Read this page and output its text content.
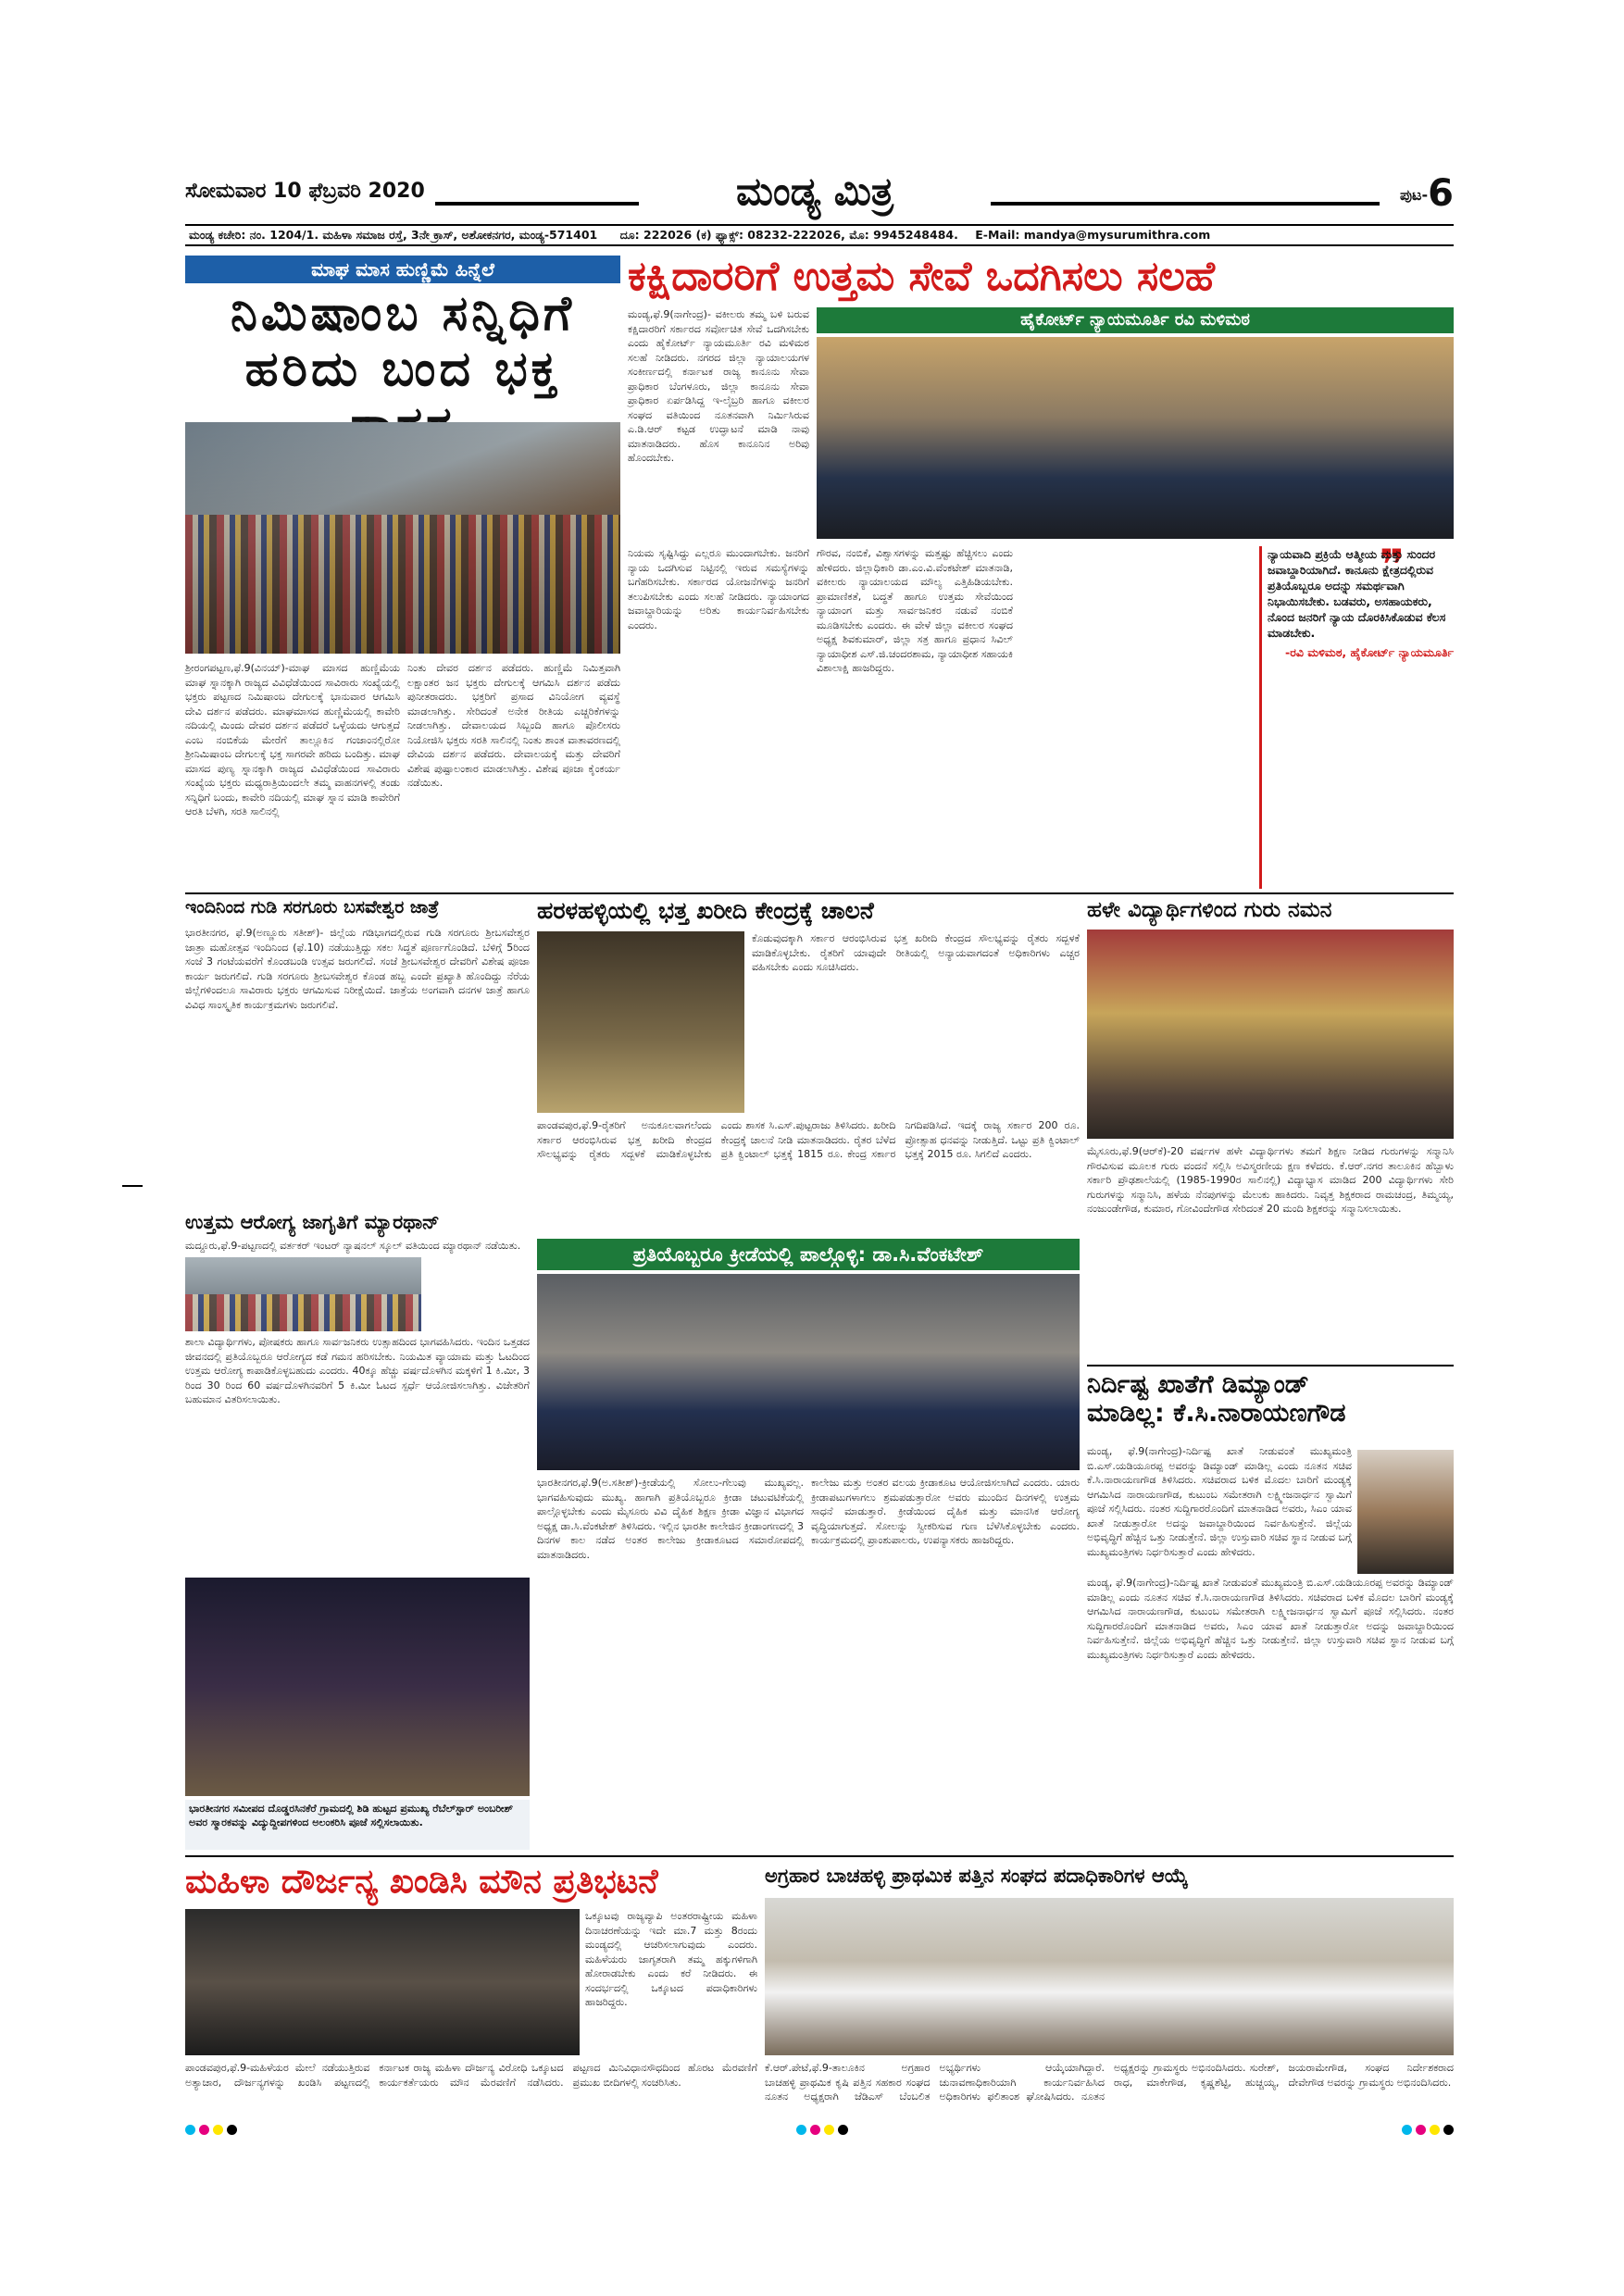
ಸೋಮವಾರ 10 ಫೆಬ್ರವರಿ 2020	ಮಂಡ್ಯ ಮಿತ್ರ	ಪುಟ-6
ಮಂಡ್ಯ ಕಚೇರಿ: ನಂ. 1204/1. ಮಹಿಳಾ ಸಮಾಜ ರಸ್ತೆ, 3ನೇ ಕ್ರಾಸ್, ಅಶೋಕನಗರ, ಮಂಡ್ಯ-571401 ದೂ: 222026 (ಕ) ಫ್ಯಾಕ್ಸ್: 08232-222026, ಮೊ: 9945248484. E-Mail: mandya@mysurumithra.com
ಮಾಘ ಮಾಸ ಹುಣ್ಣಿಮೆ ಹಿನ್ನೆಲೆ
ನಿಮಿಷಾಂಬ ಸನ್ನಿಧಿಗೆ
ಹರಿದು ಬಂದ ಭಕ್ತ
ಶ್ರೀರಂಗಪಟ್ಟಣ,ಫೆ.9(ವಿನಯ್)-ಮಾಘ ಮಾಸದ ಹುಣ್ಣಿಮೆಯ ಮಾಘ ಸ್ನಾನಕ್ಕಾಗಿ ರಾಜ್ಯದ ವಿವಿಧೆಡೆಯಿಂದ ಸಾವಿರಾರು ಸಂಖ್ಯೆಯಲ್ಲಿ ಭಕ್ತರು ಪಟ್ಟಣದ ನಿಮಿಷಾಂಬ ದೇಗುಲಕ್ಕೆ ಭಾನುವಾರ ಆಗಮಿಸಿ ದೇವಿ ದರ್ಶನ ಪಡೆದರು. ಮಾಘಮಾಸದ ಹುಣ್ಣಿಮೆಯಲ್ಲಿ ಕಾವೇರಿ ನದಿಯಲ್ಲಿ ಮಿಂದು ದೇವರ ದರ್ಶನ ಪಡೆದರೆ ಒಳ್ಳೆಯದು ಆಗುತ್ತದೆ ಎಂಬ ನಂಬಿಕೆಯ ಮೇರೆಗೆ ತಾಲ್ಲೂಕಿನ ಗಂಜಾಂನಲ್ಲಿರೋ ಶ್ರೀನಿಮಿಷಾಂಬ ದೇಗುಲಕ್ಕೆ ಭಕ್ತ ಸಾಗರವೇ ಹರಿದು ಬಂದಿತ್ತು. ಮಾಘ ಮಾಸದ ಪುಣ್ಯ ಸ್ನಾನಕ್ಕಾಗಿ ರಾಜ್ಯದ ವಿವಿಧೆಡೆಯಿಂದ ಸಾವಿರಾರು ಸಂಖ್ಯೆಯ ಭಕ್ತರು ಮಧ್ಯರಾತ್ರಿಯಿಂದಲೇ ತಮ್ಮ ವಾಹನಗಳಲ್ಲಿ ತಂಡು ಸನ್ನಿಧಿಗೆ ಬಂದು, ಕಾವೇರಿ ನದಿಯಲ್ಲಿ ಮಾಘ ಸ್ನಾನ ಮಾಡಿ ಕಾವೇರಿಗೆ ಆರತಿ ಬೆಳಗಿ, ಸರತಿ ಸಾಲಿನಲ್ಲಿ
ನಿಂತು ದೇವರ ದರ್ಶನ ಪಡೆದರು. ಹುಣ್ಣಿಮೆ ನಿಮಿತ್ತವಾಗಿ ಲಕ್ಷಾಂತರ ಜನ ಭಕ್ತರು ದೇಗುಲಕ್ಕೆ ಆಗಮಿಸಿ ದರ್ಶನ ಪಡೆದು ಪುನೀತರಾದರು. ಭಕ್ತರಿಗೆ ಪ್ರಸಾದ ವಿನಿಯೋಗ ವ್ಯವಸ್ಥೆ ಮಾಡಲಾಗಿತ್ತು. ಸೇರಿದಂತೆ ಅನೇಕ ರೀತಿಯ ಎಚ್ಚರಿಕೆಗಳನ್ನು ನೀಡಲಾಗಿತ್ತು. ದೇವಾಲಯದ ಸಿಬ್ಬಂದಿ ಹಾಗೂ ಪೊಲೀಸರು ನಿಯೋಜಿಸಿ ಭಕ್ತರು ಸರತಿ ಸಾಲಿನಲ್ಲಿ ನಿಂತು ಶಾಂತ ವಾತಾವರಣದಲ್ಲಿ ದೇವಿಯ ದರ್ಶನ ಪಡೆದರು. ದೇವಾಲಯಕ್ಕೆ ಮತ್ತು ದೇವರಿಗೆ ವಿಶೇಷ ಪುಷ್ಪಾಲಂಕಾರ ಮಾಡಲಾಗಿತ್ತು. ವಿಶೇಷ ಪೂಜಾ ಕೈಂಕರ್ಯ ನಡೆಯಿತು.
ಕಕ್ಷಿದಾರರಿಗೆ ಉತ್ತಮ ಸೇವೆ ಒದಗಿಸಲು ಸಲಹೆ
ಮಂಡ್ಯ,ಫೆ.9(ನಾಗೇಂದ್ರ)- ವಕೀಲರು ತಮ್ಮ ಬಳಿ ಬರುವ ಕಕ್ಷಿದಾರರಿಗೆ ಸರ್ಕಾರದ ಸರ್ವೋಚಿತ ಸೇವೆ ಒದಗಿಸಬೇಕು ಎಂದು ಹೈಕೋರ್ಟ್ ನ್ಯಾಯಮೂರ್ತಿ ರವಿ ಮಳಿಮಠ ಸಲಹೆ ನೀಡಿದರು. ನಗರದ ಜಿಲ್ಲಾ ನ್ಯಾಯಾಲಯಗಳ ಸಂಕೀರ್ಣದಲ್ಲಿ ಕರ್ನಾಟಕ ರಾಜ್ಯ ಕಾನೂನು ಸೇವಾ ಪ್ರಾಧಿಕಾರ ಬೆಂಗಳೂರು, ಜಿಲ್ಲಾ ಕಾನೂನು ಸೇವಾ ಪ್ರಾಧಿಕಾರ ಏರ್ಪಡಿಸಿದ್ದ ಇ-ಲೈಬ್ರರಿ ಹಾಗೂ ವಕೀಲರ ಸಂಘದ ವತಿಯಿಂದ ನೂತನವಾಗಿ ನಿರ್ಮಿಸಿರುವ ಎ.ಡಿ.ಆರ್ ಕಟ್ಟಡ ಉದ್ಘಾಟನೆ ಮಾಡಿ ನಾವು ಮಾತನಾಡಿದರು. ಹೊಸ ಕಾನೂನಿನ ಅರಿವು ಹೊಂದಬೇಕು.
ಹೈಕೋರ್ಟ್ ನ್ಯಾಯಮೂರ್ತಿ ರವಿ ಮಳಿಮಠ
ನಿಯಮ ಸೃಷ್ಟಿಸಿದ್ದು ಎಲ್ಲರೂ ಮುಂದಾಗಬೇಕು. ಜನರಿಗೆ ನ್ಯಾಯ ಒದಗಿಸುವ ನಿಟ್ಟಿನಲ್ಲಿ ಇರುವ ಸಮಸ್ಯೆಗಳನ್ನು ಬಗೆಹರಿಸಬೇಕು. ಸರ್ಕಾರದ ಯೋಜನೆಗಳನ್ನು ಜನರಿಗೆ ತಲುಪಿಸಬೇಕು ಎಂದು ಸಲಹೆ ನೀಡಿದರು. ನ್ಯಾಯಾಂಗದ ಜವಾಬ್ದಾರಿಯನ್ನು ಅರಿತು ಕಾರ್ಯನಿರ್ವಹಿಸಬೇಕು ಎಂದರು.
ಗೌರವ, ನಂಬಿಕೆ, ವಿಶ್ವಾಸಗಳನ್ನು ಮತ್ತಷ್ಟು ಹೆಚ್ಚಿಸಲು ಎಂದು ಹೇಳಿದರು. ಜಿಲ್ಲಾಧಿಕಾರಿ ಡಾ.ಎಂ.ವಿ.ವೆಂಕಟೇಶ್ ಮಾತನಾಡಿ, ವಕೀಲರು ನ್ಯಾಯಾಲಯದ ಮೌಲ್ಯ ಎತ್ತಿಹಿಡಿಯಬೇಕು. ಪ್ರಾಮಾಣಿಕತೆ, ಬದ್ಧತೆ ಹಾಗೂ ಉತ್ತಮ ಸೇವೆಯಿಂದ ನ್ಯಾಯಾಂಗ ಮತ್ತು ಸಾರ್ವಜನಿಕರ ನಡುವೆ ನಂಬಿಕೆ ಮೂಡಿಸಬೇಕು ಎಂದರು. ಈ ವೇಳೆ ಜಿಲ್ಲಾ ವಕೀಲರ ಸಂಘದ ಅಧ್ಯಕ್ಷ ಶಿವಕುಮಾರ್, ಜಿಲ್ಲಾ ಸತ್ರ ಹಾಗೂ ಪ್ರಧಾನ ಸಿವಿಲ್ ನ್ಯಾಯಾಧೀಶ ಎಸ್.ಜಿ.ಚಂದರಶಾಮ, ನ್ಯಾಯಾಧೀಶ ಸಹಾಯಕಿ ವಿಶಾಲಾಕ್ಷಿ ಹಾಜರಿದ್ದರು.
❞
ನ್ಯಾಯವಾದಿ ಪ್ರಕ್ರಿಯೆ ಆತ್ಮೀಯ ಮತ್ತು ಸುಂದರ ಜವಾಬ್ದಾರಿಯಾಗಿದೆ. ಕಾನೂನು ಕ್ಷೇತ್ರದಲ್ಲಿರುವ ಪ್ರತಿಯೊಬ್ಬರೂ ಅದನ್ನು ಸಮರ್ಥವಾಗಿ ನಿಭಾಯಿಸಬೇಕು. ಬಡವರು, ಅಸಹಾಯಕರು, ನೊಂದ ಜನರಿಗೆ ನ್ಯಾಯ ದೊರಕಿಸಿಕೊಡುವ ಕೆಲಸ ಮಾಡಬೇಕು.
-ರವಿ ಮಳಿಮಠ, ಹೈಕೋರ್ಟ್ ನ್ಯಾಯಮೂರ್ತಿ
ಇಂದಿನಿಂದ ಗುಡಿ ಸರಗೂರು ಬಸವೇಶ್ವರ ಜಾತ್ರೆ
ಭಾರತೀನಗರ, ಫೆ.9(ಅಣ್ಣೂರು ಸತೀಶ್)- ಜಿಲ್ಲೆಯ ಗಡಿಭಾಗದಲ್ಲಿರುವ ಗುಡಿ ಸರಗೂರು ಶ್ರೀಬಸವೇಶ್ವರ ಜಾತ್ರಾ ಮಹೋತ್ಸವ ಇಂದಿನಿಂದ (ಫೆ.10) ನಡೆಯುತ್ತಿದ್ದು ಸಕಲ ಸಿದ್ಧತೆ ಪೂರ್ಣಗೊಂಡಿದೆ. ಬೆಳಿಗ್ಗೆ 5ರಿಂದ ಸಂಜೆ 3 ಗಂಟೆಯವರೆಗೆ ಕೊಂಡಬಂಡಿ ಉತ್ಸವ ಜರುಗಲಿದೆ. ಸಂಜೆ ಶ್ರೀಬಸವೇಶ್ವರ ದೇವರಿಗೆ ವಿಶೇಷ ಪೂಜಾ ಕಾರ್ಯ ಜರುಗಲಿದೆ. ಗುಡಿ ಸರಗೂರು ಶ್ರೀಬಸವೇಶ್ವರ ಕೊಂಡ ಹಬ್ಬ ಎಂದೇ ಪ್ರಖ್ಯಾತಿ ಹೊಂದಿದ್ದು ನೆರೆಯ ಜಿಲ್ಲೆಗಳಿಂದಲೂ ಸಾವಿರಾರು ಭಕ್ತರು ಆಗಮಿಸುವ ನಿರೀಕ್ಷೆಯಿದೆ. ಜಾತ್ರೆಯ ಅಂಗವಾಗಿ ದನಗಳ ಜಾತ್ರೆ ಹಾಗೂ ವಿವಿಧ ಸಾಂಸ್ಕೃತಿಕ ಕಾರ್ಯಕ್ರಮಗಳು ಜರುಗಲಿವೆ.
ಉತ್ತಮ ಆರೋಗ್ಯ ಜಾಗೃತಿಗೆ ಮ್ಯಾರಥಾನ್
ಮದ್ದೂರು,ಫೆ.9-ಪಟ್ಟಣದಲ್ಲಿ ವರ್ತಕರ್ ಇಂಟರ್ ನ್ಯಾಷನಲ್ ಸ್ಕೂಲ್ ವತಿಯಿಂದ ಮ್ಯಾರಥಾನ್ ನಡೆಯಿತು.
ಶಾಲಾ ವಿದ್ಯಾರ್ಥಿಗಳು, ಪೋಷಕರು ಹಾಗೂ ಸಾರ್ವಜನಿಕರು ಉತ್ಸಾಹದಿಂದ ಭಾಗವಹಿಸಿದರು. ಇಂದಿನ ಒತ್ತಡದ ಜೀವನದಲ್ಲಿ ಪ್ರತಿಯೊಬ್ಬರೂ ಆರೋಗ್ಯದ ಕಡೆ ಗಮನ ಹರಿಸಬೇಕು. ನಿಯಮಿತ ವ್ಯಾಯಾಮ ಮತ್ತು ಓಟದಿಂದ ಉತ್ತಮ ಆರೋಗ್ಯ ಕಾಪಾಡಿಕೊಳ್ಳಬಹುದು ಎಂದರು. 40ಕ್ಕೂ ಹೆಚ್ಚು ವರ್ಷದೊಳಗಿನ ಮಕ್ಕಳಿಗೆ 1 ಕಿ.ಮೀ, 3 ರಿಂದ 30 ರಿಂದ 60 ವರ್ಷದೊಳಗಿನವರಿಗೆ 5 ಕಿ.ಮೀ ಓಟದ ಸ್ಪರ್ಧೆ ಆಯೋಜಿಸಲಾಗಿತ್ತು. ವಿಜೇತರಿಗೆ ಬಹುಮಾನ ವಿತರಿಸಲಾಯಿತು.
ಭಾರತೀನಗರ ಸಮೀಪದ ದೊಡ್ಡರಸಿನಕೆರೆ ಗ್ರಾಮದಲ್ಲಿ ಶಿಡಿ ಹುಟ್ಟದ ಪ್ರಮುಖ್ಯ ರೆಬೆಲ್‌ಸ್ಟಾರ್ ಅಂಬರೀಶ್ ಅವರ ಸ್ಮಾರಕವನ್ನು ವಿದ್ಯುದ್ದೀಪಗಳಿಂದ ಅಲಂಕರಿಸಿ ಪೂಜೆ ಸಲ್ಲಿಸಲಾಯಿತು.
ಹರಳಹಳ್ಳಿಯಲ್ಲಿ ಭತ್ತ ಖರೀದಿ ಕೇಂದ್ರಕ್ಕೆ ಚಾಲನೆ
ಕೊಡುವುದಕ್ಕಾಗಿ ಸರ್ಕಾರ ಆರಂಭಿಸಿರುವ ಭತ್ತ ಖರೀದಿ ಕೇಂದ್ರದ ಸೌಲಭ್ಯವನ್ನು ರೈತರು ಸದ್ಬಳಕೆ ಮಾಡಿಕೊಳ್ಳಬೇಕು. ರೈತರಿಗೆ ಯಾವುದೇ ರೀತಿಯಲ್ಲಿ ಅನ್ಯಾಯವಾಗದಂತೆ ಅಧಿಕಾರಿಗಳು ಎಚ್ಚರ ವಹಿಸಬೇಕು ಎಂದು ಸೂಚಿಸಿದರು.
ಪಾಂಡವಪುರ,ಫೆ.9-ರೈತರಿಗೆ ಅನುಕೂಲವಾಗಲೆಂದು ಸರ್ಕಾರ ಆರಂಭಿಸಿರುವ ಭತ್ತ ಖರೀದಿ ಕೇಂದ್ರದ ಸೌಲಭ್ಯವನ್ನು ರೈತರು ಸದ್ಬಳಕೆ ಮಾಡಿಕೊಳ್ಳಬೇಕು ಎಂದು ಶಾಸಕ ಸಿ.ಎಸ್.ಪುಟ್ಟರಾಜು ತಿಳಿಸಿದರು. ಖರೀದಿ ಕೇಂದ್ರಕ್ಕೆ ಚಾಲನೆ ನೀಡಿ ಮಾತನಾಡಿದರು. ರೈತರ ಬೆಳೆದ ಪ್ರತಿ ಕ್ವಿಂಟಾಲ್ ಭತ್ತಕ್ಕೆ 1815 ರೂ. ಕೇಂದ್ರ ಸರ್ಕಾರ ನಿಗದಿಪಡಿಸಿದೆ. ಇದಕ್ಕೆ ರಾಜ್ಯ ಸರ್ಕಾರ 200 ರೂ. ಪ್ರೋತ್ಸಾಹ ಧನವನ್ನು ನೀಡುತ್ತಿದೆ. ಒಟ್ಟು ಪ್ರತಿ ಕ್ವಿಂಟಾಲ್ ಭತ್ತಕ್ಕೆ 2015 ರೂ. ಸಿಗಲಿದೆ ಎಂದರು.
ಪ್ರತಿಯೊಬ್ಬರೂ ಕ್ರೀಡೆಯಲ್ಲಿ ಪಾಲ್ಗೊಳ್ಳಿ: ಡಾ.ಸಿ.ವೆಂಕಟೇಶ್
ಭಾರತೀನಗರ,ಫೆ.9(ಅ.ಸತೀಶ್)-ಕ್ರೀಡೆಯಲ್ಲಿ ಸೋಲು-ಗೆಲುವು ಮುಖ್ಯವಲ್ಲ. ಭಾಗವಹಿಸುವುದು ಮುಖ್ಯ. ಹಾಗಾಗಿ ಪ್ರತಿಯೊಬ್ಬರೂ ಕ್ರೀಡಾ ಚಟುವಟಿಕೆಯಲ್ಲಿ ಪಾಲ್ಗೊಳ್ಳಬೇಕು ಎಂದು ಮೈಸೂರು ವಿವಿ ದೈಹಿಕ ಶಿಕ್ಷಣ ಕ್ರೀಡಾ ವಿಜ್ಞಾನ ವಿಭಾಗದ ಅಧ್ಯಕ್ಷ ಡಾ.ಸಿ.ವೆಂಕಟೇಶ್ ತಿಳಿಸಿದರು. ಇಲ್ಲಿನ ಭಾರತೀ ಕಾಲೇಜಿನ ಕ್ರೀಡಾಂಗಣದಲ್ಲಿ 3 ದಿನಗಳ ಕಾಲ ನಡೆದ ಅಂತರ ಕಾಲೇಜು ಕ್ರೀಡಾಕೂಟದ ಸಮಾರೋಪದಲ್ಲಿ ಮಾತನಾಡಿದರು.
ಕಾಲೇಜು ಮತ್ತು ಅಂತರ ವಲಯ ಕ್ರೀಡಾಕೂಟ ಆಯೋಜಿಸಲಾಗಿದೆ ಎಂದರು. ಯಾರು ಕ್ರೀಡಾಪಟುಗಳಾಗಲು ಶ್ರಮಪಡುತ್ತಾರೋ ಅವರು ಮುಂದಿನ ದಿನಗಳಲ್ಲಿ ಉತ್ತಮ ಸಾಧನೆ ಮಾಡುತ್ತಾರೆ. ಕ್ರೀಡೆಯಿಂದ ದೈಹಿಕ ಮತ್ತು ಮಾನಸಿಕ ಆರೋಗ್ಯ ವೃದ್ಧಿಯಾಗುತ್ತದೆ. ಸೋಲನ್ನು ಸ್ವೀಕರಿಸುವ ಗುಣ ಬೆಳೆಸಿಕೊಳ್ಳಬೇಕು ಎಂದರು. ಕಾರ್ಯಕ್ರಮದಲ್ಲಿ ಪ್ರಾಂಶುಪಾಲರು, ಉಪನ್ಯಾಸಕರು ಹಾಜರಿದ್ದರು.
ಹಳೇ ವಿದ್ಯಾರ್ಥಿಗಳಿಂದ ಗುರು ನಮನ
ಮೈಸೂರು,ಫೆ.9(ಆರ್‌ಕೆ)-20 ವರ್ಷಗಳ ಹಳೇ ವಿದ್ಯಾರ್ಥಿಗಳು ತಮಗೆ ಶಿಕ್ಷಣ ನೀಡಿದ ಗುರುಗಳನ್ನು ಸನ್ಮಾನಿಸಿ ಗೌರವಿಸುವ ಮೂಲಕ ಗುರು ವಂದನೆ ಸಲ್ಲಿಸಿ ಅವಿಸ್ಮರಣೀಯ ಕ್ಷಣ ಕಳೆದರು. ಕೆ.ಆರ್.ನಗರ ತಾಲೂಕಿನ ಹೆಬ್ಬಾಳು ಸರ್ಕಾರಿ ಪ್ರೌಢಶಾಲೆಯಲ್ಲಿ (1985-1990ರ ಸಾಲಿನಲ್ಲಿ) ವಿದ್ಯಾಭ್ಯಾಸ ಮಾಡಿದ 200 ವಿದ್ಯಾರ್ಥಿಗಳು ಸೇರಿ ಗುರುಗಳನ್ನು ಸನ್ಮಾನಿಸಿ, ಹಳೆಯ ನೆನಪುಗಳನ್ನು ಮೆಲುಕು ಹಾಕಿದರು. ನಿವೃತ್ತ ಶಿಕ್ಷಕರಾದ ರಾಮಚಂದ್ರ, ತಿಮ್ಮಯ್ಯ, ನಂಜುಂಡೇಗೌಡ, ಕುಮಾರ, ಗೋವಿಂದೇಗೌಡ ಸೇರಿದಂತೆ 20 ಮಂದಿ ಶಿಕ್ಷಕರನ್ನು ಸನ್ಮಾನಿಸಲಾಯಿತು.
ನಿರ್ದಿಷ್ಟ ಖಾತೆಗೆ ಡಿಮ್ಯಾಂಡ್
ಮಾಡಿಲ್ಲ: ಕೆ.ಸಿ.ನಾರಾಯಣಗೌಡ
ಮಂಡ್ಯ, ಫೆ.9(ನಾಗೇಂದ್ರ)-ನಿರ್ದಿಷ್ಟ ಖಾತೆ ನೀಡುವಂತೆ ಮುಖ್ಯಮಂತ್ರಿ ಬಿ.ಎಸ್.ಯಡಿಯೂರಪ್ಪ ಅವರನ್ನು ಡಿಮ್ಯಾಂಡ್ ಮಾಡಿಲ್ಲ ಎಂದು ನೂತನ ಸಚಿವ ಕೆ.ಸಿ.ನಾರಾಯಣಗೌಡ ತಿಳಿಸಿದರು. ಸಚಿವರಾದ ಬಳಿಕ ಮೊದಲ ಬಾರಿಗೆ ಮಂಡ್ಯಕ್ಕೆ ಆಗಮಿಸಿದ ನಾರಾಯಣಗೌಡ, ಕುಟುಂಬ ಸಮೇತರಾಗಿ ಲಕ್ಷ್ಮೀಜನಾರ್ಧನ ಸ್ವಾಮಿಗೆ ಪೂಜೆ ಸಲ್ಲಿಸಿದರು. ನಂತರ ಸುದ್ದಿಗಾರರೊಂದಿಗೆ ಮಾತನಾಡಿದ ಅವರು, ಸಿಎಂ ಯಾವ ಖಾತೆ ನೀಡುತ್ತಾರೋ ಅದನ್ನು ಜವಾಬ್ದಾರಿಯಿಂದ ನಿರ್ವಹಿಸುತ್ತೇನೆ. ಜಿಲ್ಲೆಯ ಅಭಿವೃದ್ಧಿಗೆ ಹೆಚ್ಚಿನ ಒತ್ತು ನೀಡುತ್ತೇನೆ. ಜಿಲ್ಲಾ ಉಸ್ತುವಾರಿ ಸಚಿವ ಸ್ಥಾನ ನೀಡುವ ಬಗ್ಗೆ ಮುಖ್ಯಮಂತ್ರಿಗಳು ನಿರ್ಧರಿಸುತ್ತಾರೆ ಎಂದು ಹೇಳಿದರು.
ಮಂಡ್ಯ, ಫೆ.9(ನಾಗೇಂದ್ರ)-ನಿರ್ದಿಷ್ಟ ಖಾತೆ ನೀಡುವಂತೆ ಮುಖ್ಯಮಂತ್ರಿ ಬಿ.ಎಸ್.ಯಡಿಯೂರಪ್ಪ ಅವರನ್ನು ಡಿಮ್ಯಾಂಡ್ ಮಾಡಿಲ್ಲ ಎಂದು ನೂತನ ಸಚಿವ ಕೆ.ಸಿ.ನಾರಾಯಣಗೌಡ ತಿಳಿಸಿದರು. ಸಚಿವರಾದ ಬಳಿಕ ಮೊದಲ ಬಾರಿಗೆ ಮಂಡ್ಯಕ್ಕೆ ಆಗಮಿಸಿದ ನಾರಾಯಣಗೌಡ, ಕುಟುಂಬ ಸಮೇತರಾಗಿ ಲಕ್ಷ್ಮೀಜನಾರ್ಧನ ಸ್ವಾಮಿಗೆ ಪೂಜೆ ಸಲ್ಲಿಸಿದರು. ನಂತರ ಸುದ್ದಿಗಾರರೊಂದಿಗೆ ಮಾತನಾಡಿದ ಅವರು, ಸಿಎಂ ಯಾವ ಖಾತೆ ನೀಡುತ್ತಾರೋ ಅದನ್ನು ಜವಾಬ್ದಾರಿಯಿಂದ ನಿರ್ವಹಿಸುತ್ತೇನೆ. ಜಿಲ್ಲೆಯ ಅಭಿವೃದ್ಧಿಗೆ ಹೆಚ್ಚಿನ ಒತ್ತು ನೀಡುತ್ತೇನೆ. ಜಿಲ್ಲಾ ಉಸ್ತುವಾರಿ ಸಚಿವ ಸ್ಥಾನ ನೀಡುವ ಬಗ್ಗೆ ಮುಖ್ಯಮಂತ್ರಿಗಳು ನಿರ್ಧರಿಸುತ್ತಾರೆ ಎಂದು ಹೇಳಿದರು.
ಮಹಿಳಾ ದೌರ್ಜನ್ಯ ಖಂಡಿಸಿ ಮೌನ ಪ್ರತಿಭಟನೆ
ಒಕ್ಕೂಟವು ರಾಜ್ಯವ್ಯಾಪಿ ಅಂತರರಾಷ್ಟ್ರೀಯ ಮಹಿಳಾ ದಿನಾಚರಣೆಯನ್ನು ಇದೇ ಮಾ.7 ಮತ್ತು 8ರಂದು ಮಂಡ್ಯದಲ್ಲಿ ಆಚರಿಸಲಾಗುವುದು ಎಂದರು. ಮಹಿಳೆಯರು ಜಾಗೃತರಾಗಿ ತಮ್ಮ ಹಕ್ಕುಗಳಿಗಾಗಿ ಹೋರಾಡಬೇಕು ಎಂದು ಕರೆ ನೀಡಿದರು. ಈ ಸಂದರ್ಭದಲ್ಲಿ ಒಕ್ಕೂಟದ ಪದಾಧಿಕಾರಿಗಳು ಹಾಜರಿದ್ದರು.
ಪಾಂಡವಪುರ,ಫೆ.9-ಮಹಿಳೆಯರ ಮೇಲೆ ನಡೆಯುತ್ತಿರುವ ಅತ್ಯಾಚಾರ, ದೌರ್ಜನ್ಯಗಳನ್ನು ಖಂಡಿಸಿ ಪಟ್ಟಣದಲ್ಲಿ ಕರ್ನಾಟಕ ರಾಜ್ಯ ಮಹಿಳಾ ದೌರ್ಜನ್ಯ ವಿರೋಧಿ ಒಕ್ಕೂಟದ ಕಾರ್ಯಕರ್ತೆಯರು ಮೌನ ಮೆರವಣಿಗೆ ನಡೆಸಿದರು. ಪಟ್ಟಣದ ಮಿನಿವಿಧಾನಸೌಧದಿಂದ ಹೊರಟ ಮೆರವಣಿಗೆ ಪ್ರಮುಖ ಬೀದಿಗಳಲ್ಲಿ ಸಂಚರಿಸಿತು.
ಅಗ್ರಹಾರ ಬಾಚಹಳ್ಳಿ ಪ್ರಾಥಮಿಕ ಪತ್ತಿನ ಸಂಘದ ಪದಾಧಿಕಾರಿಗಳ ಆಯ್ಕೆ
ಕೆ.ಆರ್.ಪೇಟೆ,ಫೆ.9-ತಾಲೂಕಿನ ಅಗ್ರಹಾರ ಬಾಚಹಳ್ಳಿ ಪ್ರಾಥಮಿಕ ಕೃಷಿ ಪತ್ತಿನ ಸಹಕಾರ ಸಂಘದ ನೂತನ ಅಧ್ಯಕ್ಷರಾಗಿ ಜೆಡಿಎಸ್ ಬೆಂಬಲಿತ ಅಭ್ಯರ್ಥಿಗಳು ಆಯ್ಕೆಯಾಗಿದ್ದಾರೆ. ಚುನಾವಣಾಧಿಕಾರಿಯಾಗಿ ಕಾರ್ಯನಿರ್ವಹಿಸಿದ ಅಧಿಕಾರಿಗಳು ಫಲಿತಾಂಶ ಘೋಷಿಸಿದರು. ನೂತನ ಅಧ್ಯಕ್ಷರನ್ನು ಗ್ರಾಮಸ್ಥರು ಅಭಿನಂದಿಸಿದರು. ಸುರೇಶ್, ರಾಧ, ಮಾಕೇಗೌಡ, ಕೃಷ್ಣಶೆಟ್ಟಿ, ಹುಚ್ಚಯ್ಯ, ಜಯರಾಮೇಗೌಡ, ಸಂಘದ ನಿರ್ದೇಶಕರಾದ ದೇವೇಗೌಡ ಅವರನ್ನು ಗ್ರಾಮಸ್ಥರು ಅಭಿನಂದಿಸಿದರು.
